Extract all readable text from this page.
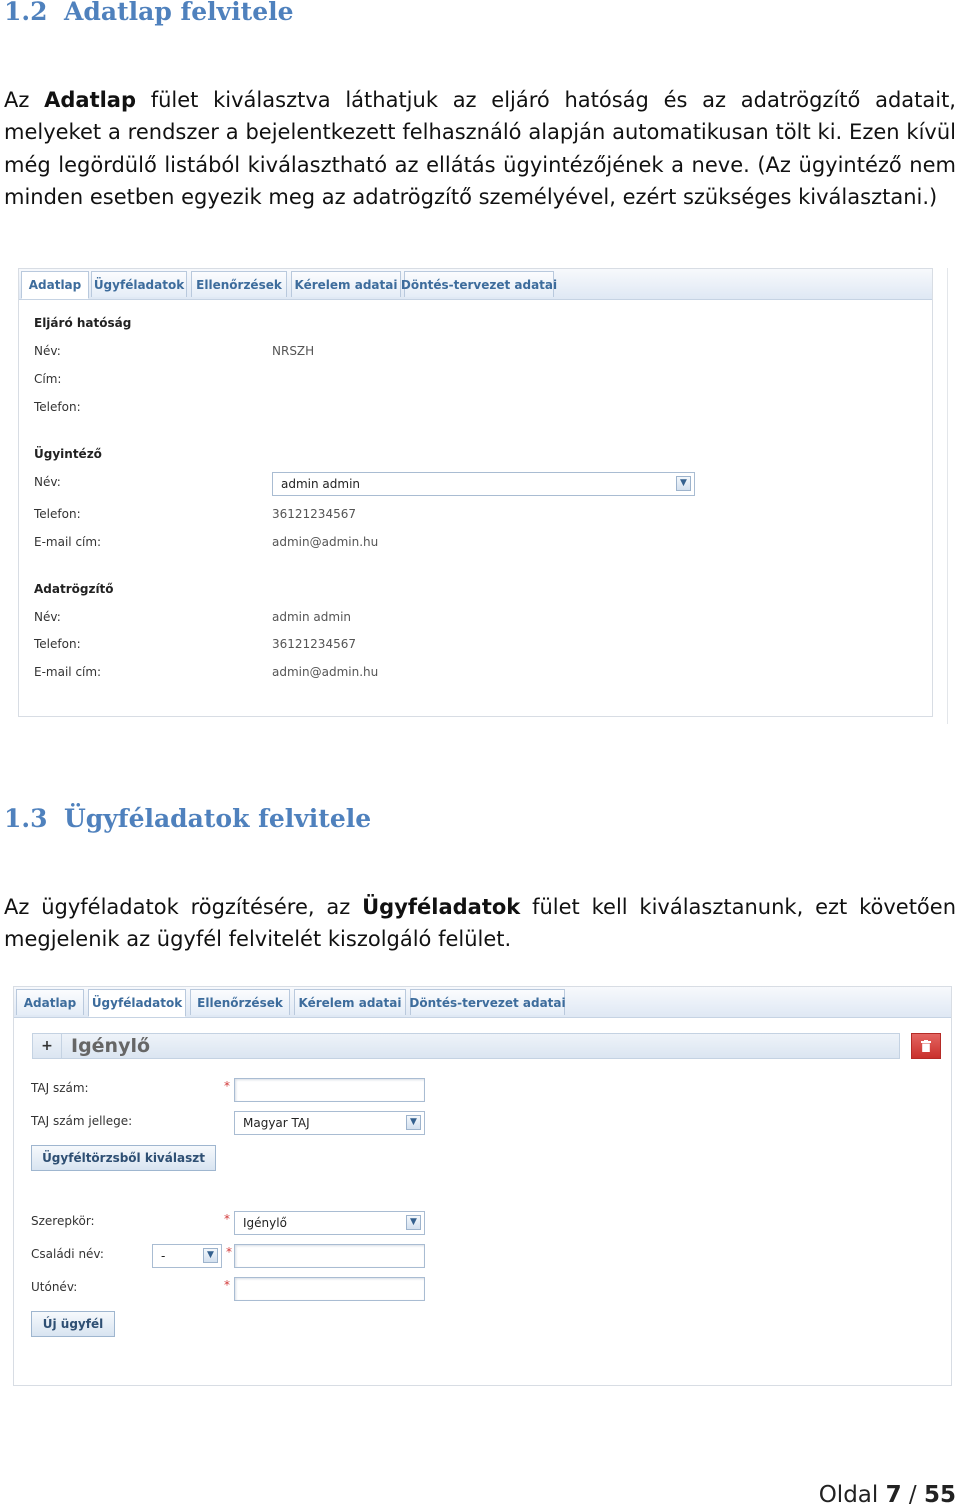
1.2 Adatlap felvitele

Az Adatlap fület kiválasztva láthatjuk az eljáró hatóság és az adatrögzítő adatait, melyeket a rendszer a bejelentkezett felhasználó alapján automatikusan tölt ki. Ezen kívül még legördülő listából kiválasztható az ellátás ügyintézőjének a neve. (Az ügyintéző nem minden esetben egyezik meg az adatrögzítő személyével, ezért szükséges kiválasztani.)

Adatlap	Ügyféladatok Ellenőrzések	Kérelem adatai Döntés-tervezet adatai
Eljáró hatóság
Név:	NRSZH
Cím:
Telefon:
Ügyintéző
Név:	admin admin	▼
Telefon:	36121234567
E-mail cím:	admin@admin.hu
Adatrögzítő
Név:	admin admin
Telefon:	36121234567
E-mail cím:	admin@admin.hu
1.3 Ügyféladatok felvitele

Az ügyféladatok rögzítésére, az Ügyféladatok fület kell kiválasztanunk, ezt követően megjelenik az ügyfél felvitelét kiszolgáló felület.

Adatlap	Ügyféladatok	Ellenőrzések	Kérelem adatai Döntés-tervezet adatai
+ Igénylő
TAJ szám:	*
TAJ szám jellege:	Magyar TAJ	▼
Ügyféltörzsből kiválaszt
Szerepkör:	*	Igénylő	▼
Családi név:	-	▼	*
Utónév:	*
Új ügyfél
Oldal 7 / 55
